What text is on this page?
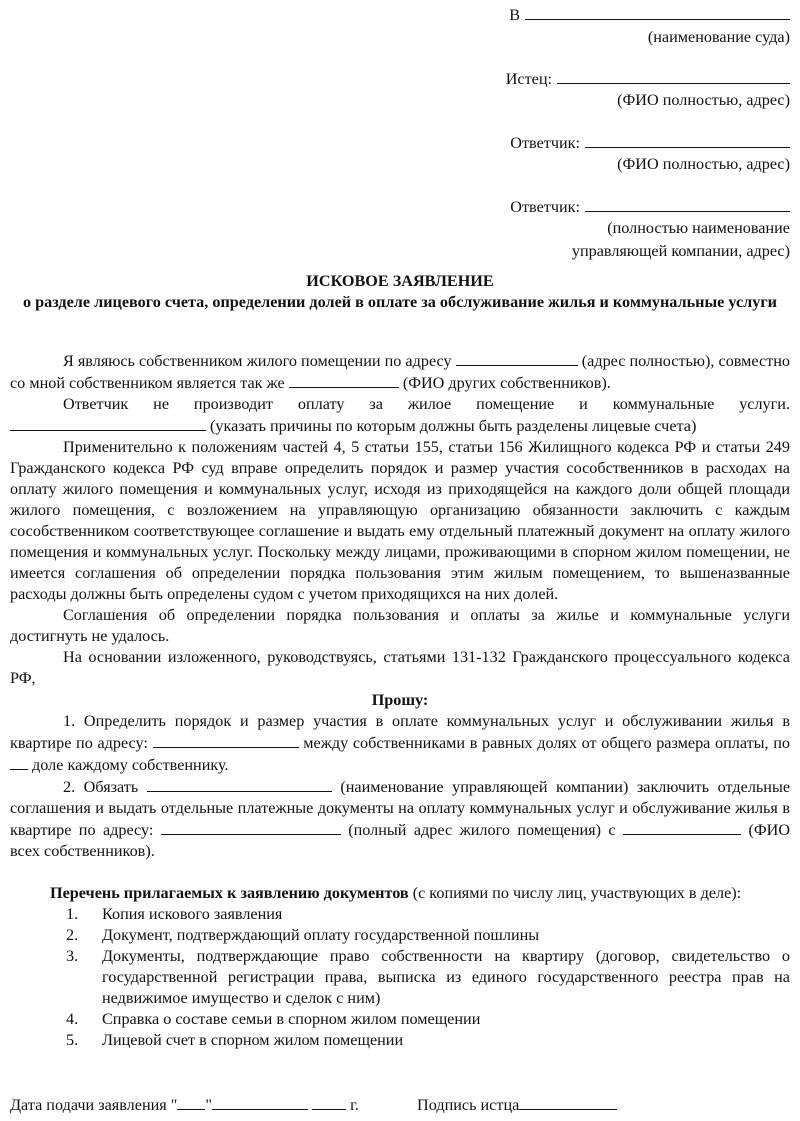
В
(наименование суда)
Истец:
(ФИО полностью, адрес)
Ответчик:
(ФИО полностью, адрес)
Ответчик:
(полностью наименование
управляющей компании, адрес)
ИСКОВОЕ ЗАЯВЛЕНИЕ
о разделе лицевого счета, определении долей в оплате за обслуживание жилья и коммунальные услуги

Я являюсь собственником жилого помещении по адресу	(адрес полностью), совместно со мной собственником является так же	(ФИО других собственников).

Ответчик не производит оплату за жилое помещение и коммунальные услуги.  (указать причины по которым должны быть разделены лицевые счета)

Применительно к положениям частей 4, 5 статьи 155, статьи 156 Жилищного кодекса РФ и статьи 249 Гражданского кодекса РФ суд вправе определить порядок и размер участия сособственников в расходах на оплату жилого помещения и коммунальных услуг, исходя из приходящейся на каждого доли общей площади жилого помещения, с возложением на управляющую организацию обязанности заключить с каждым сособственником соответствующее соглашение и выдать ему отдельный платежный документ на оплату жилого помещения и коммунальных услуг. Поскольку между лицами, проживающими в спорном жилом помещении, не имеется соглашения об определении порядка пользования этим жилым помещением, то вышеназванные расходы должны быть определены судом с учетом приходящихся на них долей.

Соглашения об определении порядка пользования и оплаты за жилье и коммунальные услуги достигнуть не удалось.

На основании изложенного, руководствуясь, статьями 131-132 Гражданского процессуального кодекса РФ,

Прошу:

1. Определить порядок и размер участия в оплате коммунальных услуг и обслуживании жилья в квартире по адресу:	между собственниками в равных долях от общего размера оплаты, по  доле каждому собственнику.

2. Обязать	(наименование управляющей компании) заключить отдельные соглашения и выдать отдельные платежные документы на оплату коммунальных услуг и обслуживание жилья в квартире по адресу:	(полный адрес жилого помещения) с	(ФИО всех собственников).

Перечень прилагаемых к заявлению документов (с копиями по числу лиц, участвующих в деле):

1.	Копия искового заявления
2.	Документ, подтверждающий оплату государственной пошлины
3.	Документы, подтверждающие право собственности на квартиру (договор, свидетельство о государственной регистрации права, выписка из единого государственного реестра прав на недвижимое имущество и сделок с ним)
4.	Справка о составе семьи в спорном жилом помещении
5.	Лицевой счет в спорном жилом помещении
Дата подачи заявления " "	г.	Подпись истца
